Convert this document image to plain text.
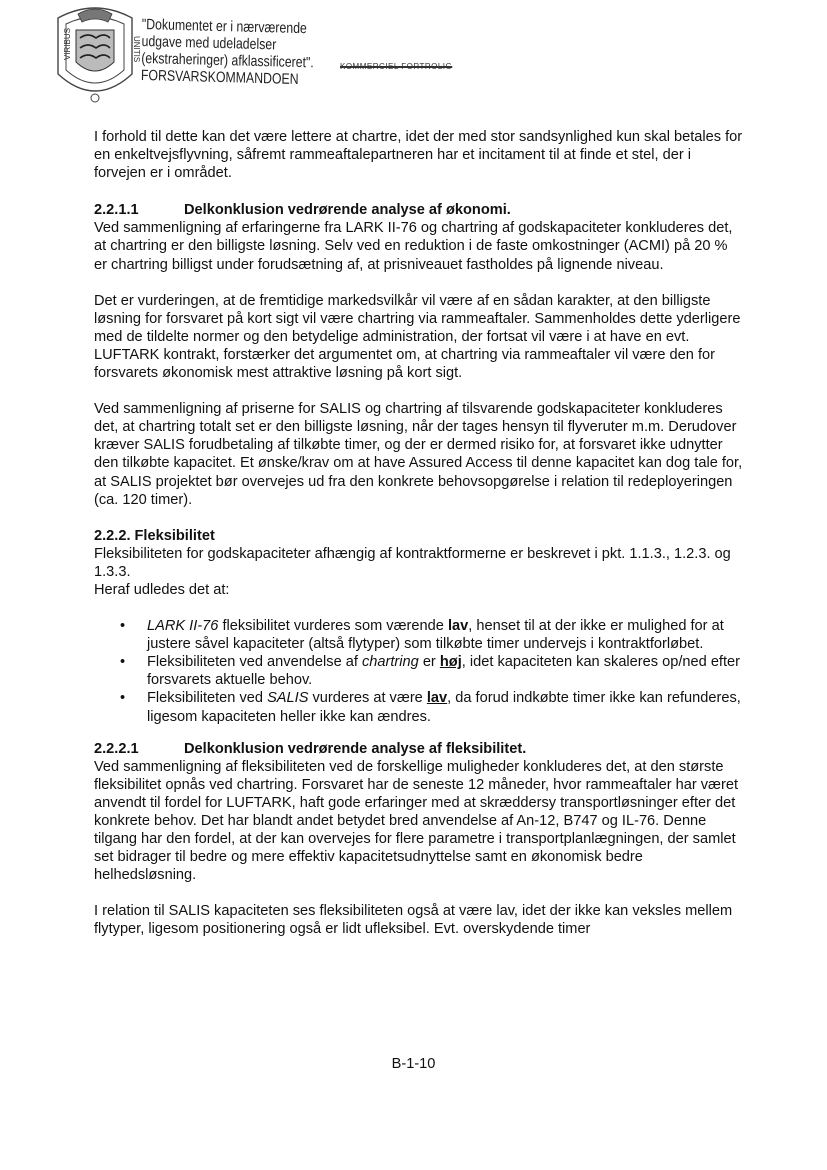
VIRIBUS	UNITIS
"Dokumentet er i nærværende
udgave med udeladelser
(ekstraheringer) afklassificeret".
FORSVARSKOMMANDOEN
KOMMERCIEL FORTROLIG

I forhold til dette kan det være lettere at chartre, idet der med stor sandsynlighed kun skal betales for en enkeltvejsflyvning, såfremt rammeaftalepartneren har et incitament til at finde et stel, der i forvejen er i området.

2.2.1.1	Delkonklusion vedrørende analyse af økonomi.

Ved sammenligning af erfaringerne fra LARK II-76 og chartring af godskapaciteter konkluderes det, at chartring er den billigste løsning. Selv ved en reduktion i de faste omkostninger (ACMI) på 20 % er chartring billigst under forudsætning af, at prisniveauet fastholdes på lignende niveau.

Det er vurderingen, at de fremtidige markedsvilkår vil være af en sådan karakter, at den billigste løsning for forsvaret på kort sigt vil være chartring via rammeaftaler. Sammenholdes dette yderligere med de tildelte normer og den betydelige administration, der fortsat vil være i at have en evt. LUFTARK kontrakt, forstærker det argumentet om, at chartring via rammeaftaler vil være den for forsvarets økonomisk mest attraktive løsning på kort sigt.

Ved sammenligning af priserne for SALIS og chartring af tilsvarende godskapaciteter konkluderes det, at chartring totalt set er den billigste løsning, når der tages hensyn til flyveruter m.m. Derudover kræver SALIS forudbetaling af tilkøbte timer, og der er dermed risiko for, at forsvaret ikke udnytter den tilkøbte kapacitet. Et ønske/krav om at have Assured Access til denne kapacitet kan dog tale for, at SALIS projektet bør overvejes ud fra den konkrete behovsopgørelse i relation til redeployeringen (ca. 120 timer).

2.2.2. Fleksibilitet

Fleksibiliteten for godskapaciteter afhængig af kontraktformerne er beskrevet i pkt. 1.1.3., 1.2.3. og 1.3.3.

Heraf udledes det at:

• LARK II-76 fleksibilitet vurderes som værende lav, henset til at der ikke er mulighed for at justere såvel kapaciteter (altså flytyper) som tilkøbte timer undervejs i kontraktforløbet.
• Fleksibiliteten ved anvendelse af chartring er høj, idet kapaciteten kan skaleres op/ned efter forsvarets aktuelle behov.
• Fleksibiliteten ved SALIS vurderes at være lav, da forud indkøbte timer ikke kan refunderes, ligesom kapaciteten heller ikke kan ændres.
2.2.2.1	Delkonklusion vedrørende analyse af fleksibilitet.

Ved sammenligning af fleksibiliteten ved de forskellige muligheder konkluderes det, at den største fleksibilitet opnås ved chartring. Forsvaret har de seneste 12 måneder, hvor rammeaftaler har været anvendt til fordel for LUFTARK, haft gode erfaringer med at skræddersy transportløsninger efter det konkrete behov. Det har blandt andet betydet bred anvendelse af An-12, B747 og IL-76. Denne tilgang har den fordel, at der kan overvejes for flere parametre i transportplanlægningen, der samlet set bidrager til bedre og mere effektiv kapacitetsudnyttelse samt en økonomisk bedre helhedsløsning.

I relation til SALIS kapaciteten ses fleksibiliteten også at være lav, idet der ikke kan veksles mellem flytyper, ligesom positionering også er lidt ufleksibel. Evt. overskydende timer

B-1-10
